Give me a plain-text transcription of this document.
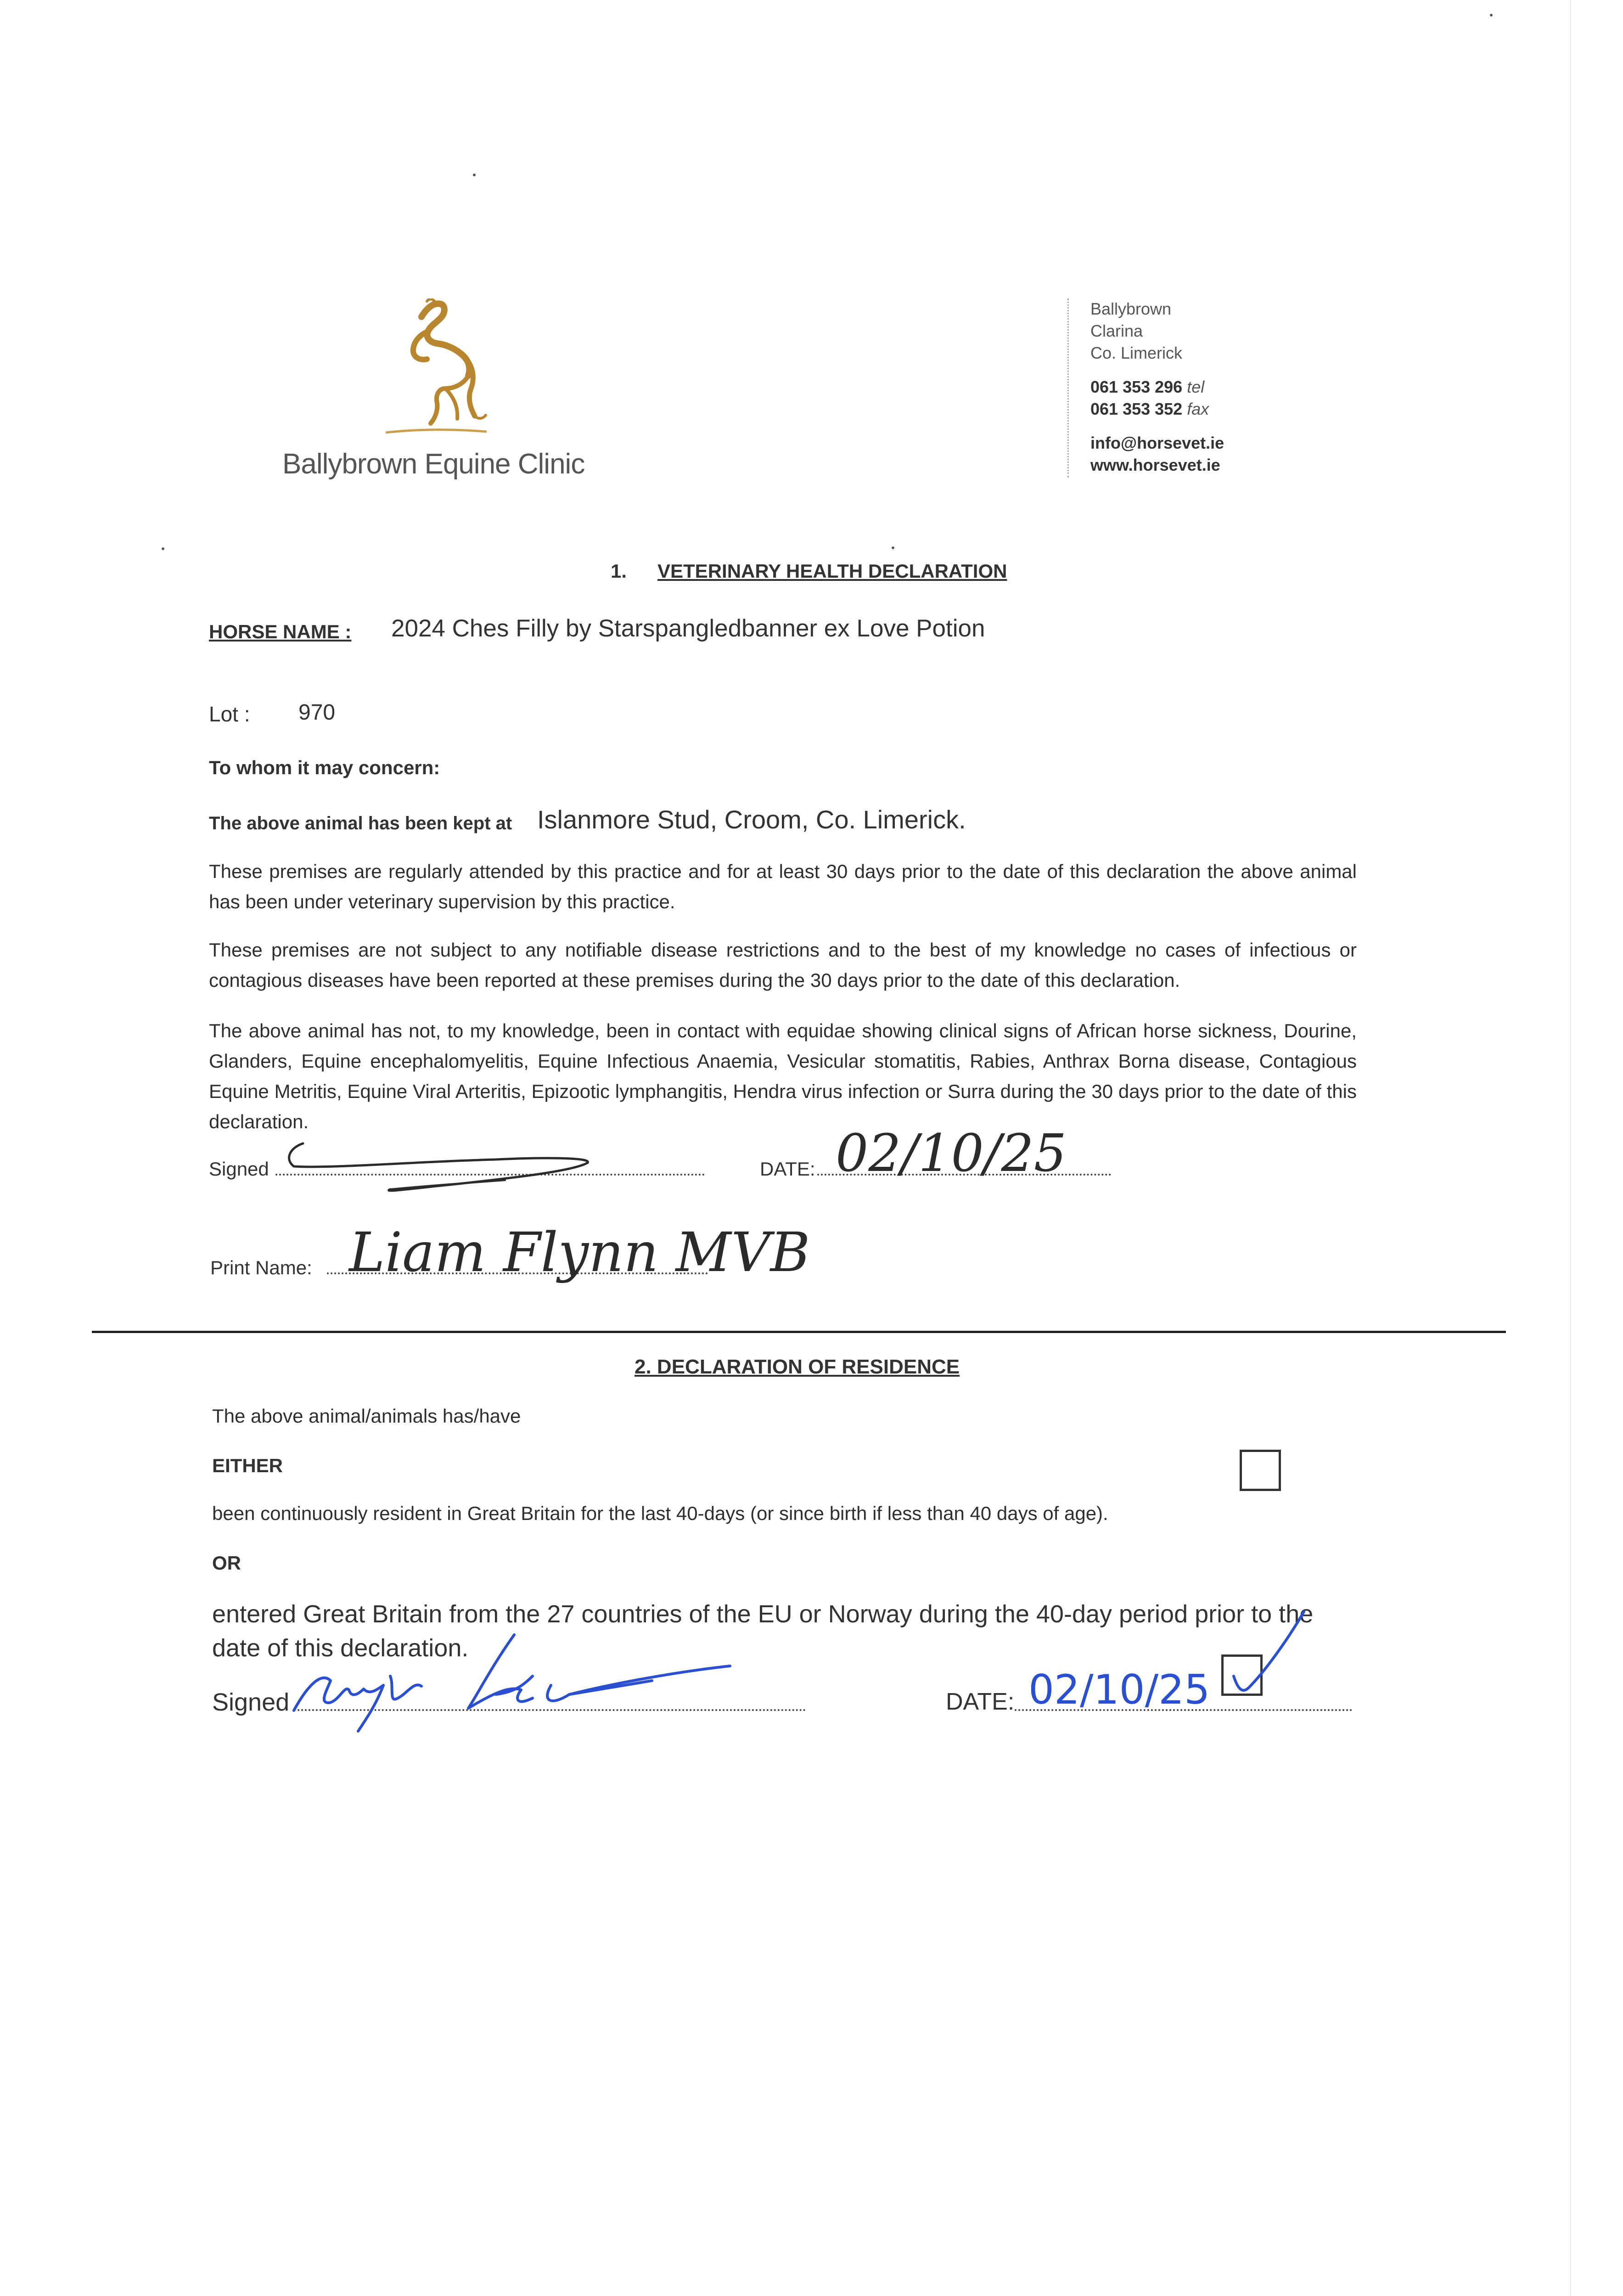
Ballybrown Equine Clinic
Ballybrown
Clarina
Co. Limerick
061 353 296 tel
061 353 352 fax
info@horsevet.ie
www.horsevet.ie
1. VETERINARY HEALTH DECLARATION
HORSE NAME : 2024 Ches Filly by Starspangledbanner ex Love Potion
Lot : 970
To whom it may concern:
The above animal has been kept at Islanmore Stud, Croom, Co. Limerick.
These premises are regularly attended by this practice and for at least 30 days prior to the date of this declaration the above animal has been under veterinary supervision by this practice.
These premises are not subject to any notifiable disease restrictions and to the best of my knowledge no cases of infectious or contagious diseases have been reported at these premises during the 30 days prior to the date of this declaration.
The above animal has not, to my knowledge, been in contact with equidae showing clinical signs of African horse sickness, Dourine, Glanders, Equine encephalomyelitis, Equine Infectious Anaemia, Vesicular stomatitis, Rabies, Anthrax Borna disease, Contagious Equine Metritis, Equine Viral Arteritis, Epizootic lymphangitis, Hendra virus infection or Surra during the 30 days prior to the date of this declaration.
Signed	DATE: 02/10/25
Print Name: Liam Flynn MVB
2. DECLARATION OF RESIDENCE
The above animal/animals has/have
EITHER
been continuously resident in Great Britain for the last 40-days (or since birth if less than 40 days of age).
OR
entered Great Britain from the 27 countries of the EU or Norway during the 40-day period prior to the date of this declaration.
Signed	DATE: 02/10/25
